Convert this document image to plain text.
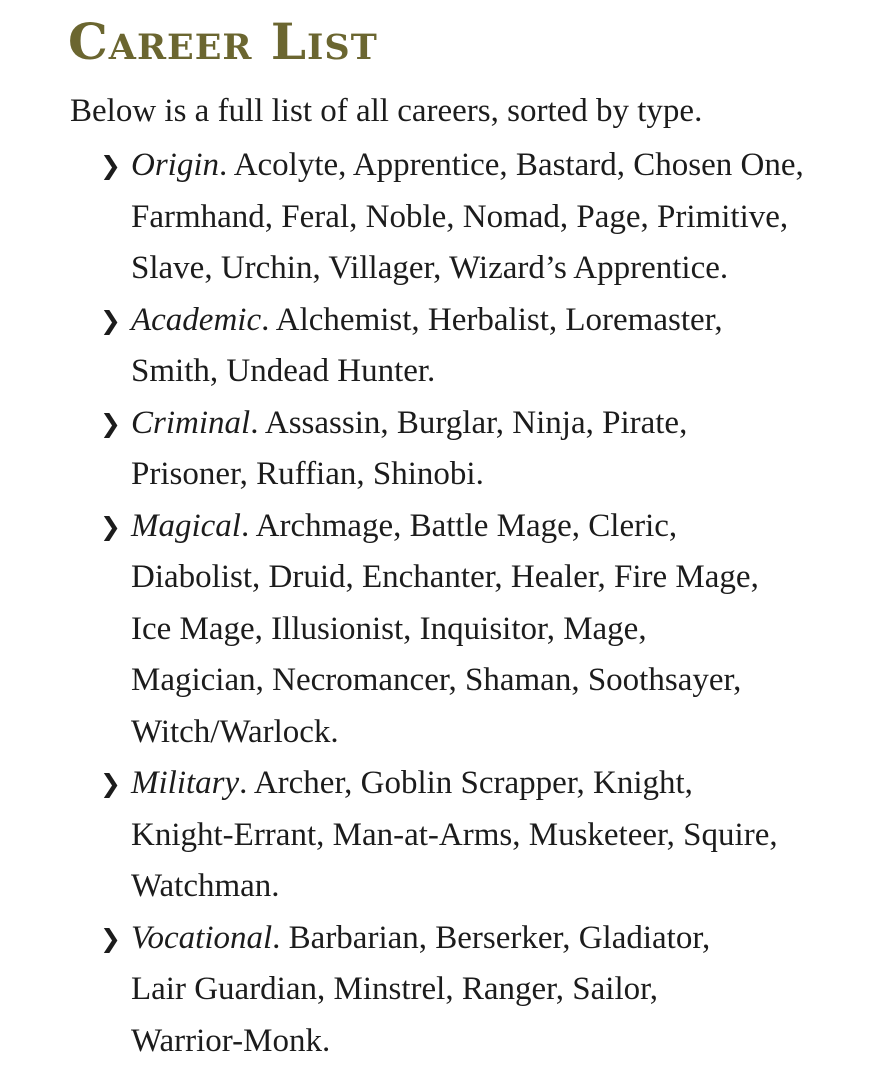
Career List

Below is a full list of all careers, sorted by type.

❯ Origin. Acolyte, Apprentice, Bastard, Chosen One,
Farmhand, Feral, Noble, Nomad, Page, Primitive,
Slave, Urchin, Villager, Wizard’s Apprentice.
❯ Academic. Alchemist, Herbalist, Loremaster,
Smith, Undead Hunter.
❯ Criminal. Assassin, Burglar, Ninja, Pirate,
Prisoner, Ruffian, Shinobi.
❯ Magical. Archmage, Battle Mage, Cleric,
Diabolist, Druid, Enchanter, Healer, Fire Mage,
Ice Mage, Illusionist, Inquisitor, Mage,
Magician, Necromancer, Shaman, Soothsayer,
Witch/Warlock.
❯ Military. Archer, Goblin Scrapper, Knight,
Knight-Errant, Man-at-Arms, Musketeer, Squire,
Watchman.
❯ Vocational. Barbarian, Berserker, Gladiator,
Lair Guardian, Minstrel, Ranger, Sailor,
Warrior-Monk.
